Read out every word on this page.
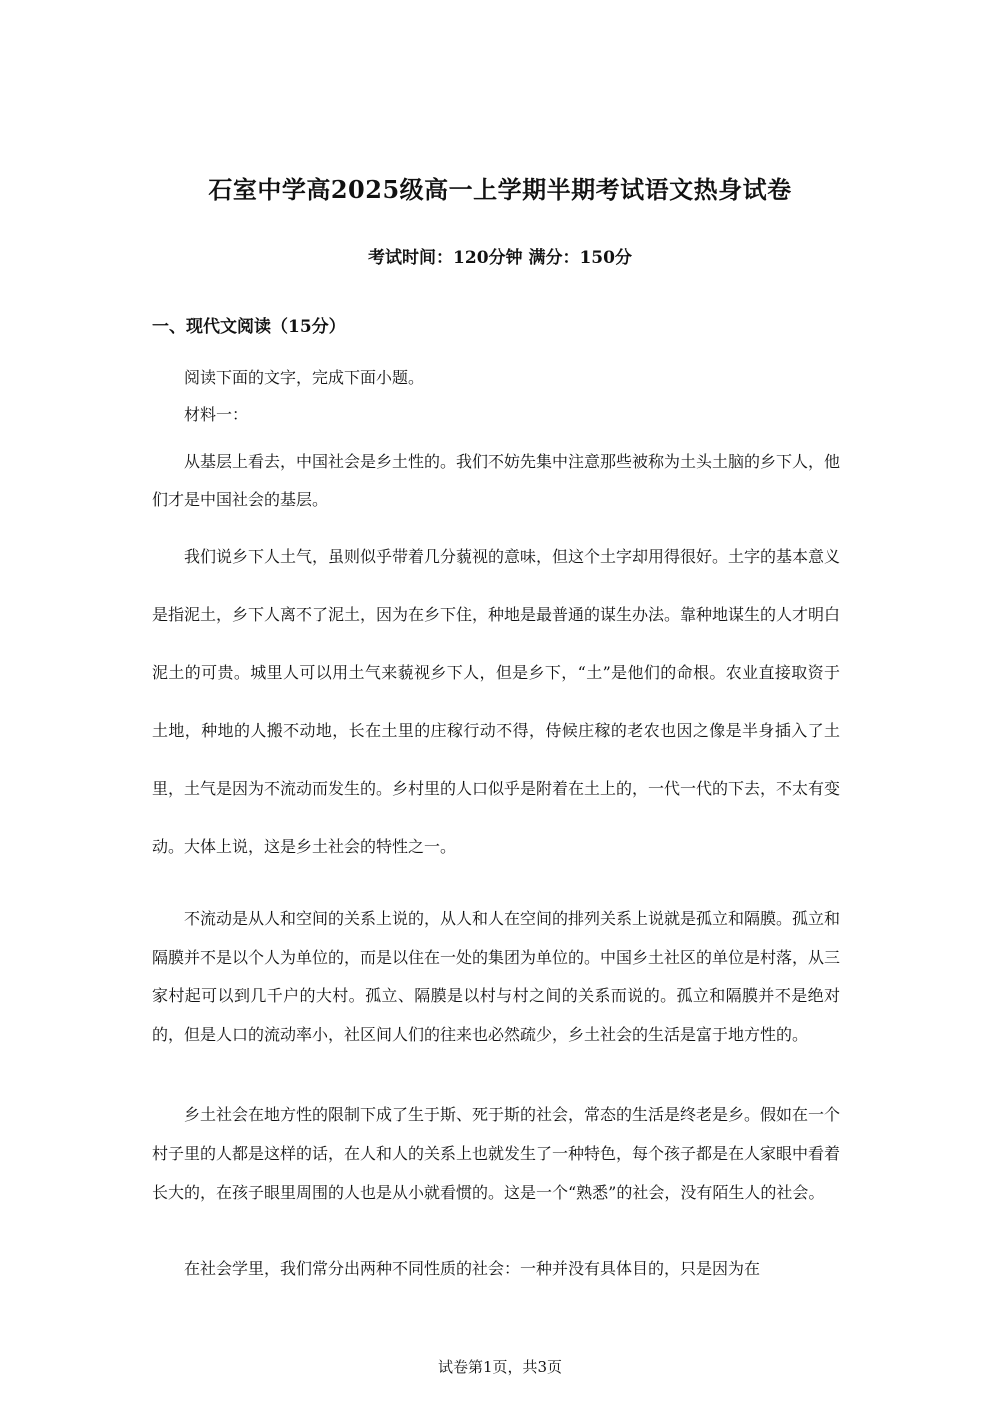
石室中学高2025级高一上学期半期考试语文热身试卷
考试时间：120分钟 满分：150分
一、现代文阅读（15分）

阅读下面的文字，完成下面小题。

材料一：

从基层上看去，中国社会是乡土性的。我们不妨先集中注意那些被称为土头土脑的乡下人，他们才是中国社会的基层。

我们说乡下人土气，虽则似乎带着几分藐视的意味，但这个土字却用得很好。土字的基本意义是指泥土，乡下人离不了泥土，因为在乡下住，种地是最普通的谋生办法。靠种地谋生的人才明白泥土的可贵。城里人可以用土气来藐视乡下人，但是乡下，“土”是他们的命根。农业直接取资于土地，种地的人搬不动地，长在土里的庄稼行动不得，侍候庄稼的老农也因之像是半身插入了土里，土气是因为不流动而发生的。乡村里的人口似乎是附着在土上的，一代一代的下去，不太有变动。大体上说，这是乡土社会的特性之一。

不流动是从人和空间的关系上说的，从人和人在空间的排列关系上说就是孤立和隔膜。孤立和隔膜并不是以个人为单位的，而是以住在一处的集团为单位的。中国乡土社区的单位是村落，从三家村起可以到几千户的大村。孤立、隔膜是以村与村之间的关系而说的。孤立和隔膜并不是绝对的，但是人口的流动率小，社区间人们的往来也必然疏少，乡土社会的生活是富于地方性的。

乡土社会在地方性的限制下成了生于斯、死于斯的社会，常态的生活是终老是乡。假如在一个村子里的人都是这样的话，在人和人的关系上也就发生了一种特色，每个孩子都是在人家眼中看着长大的，在孩子眼里周围的人也是从小就看惯的。这是一个“熟悉”的社会，没有陌生人的社会。

在社会学里，我们常分出两种不同性质的社会：一种并没有具体目的，只是因为在

试卷第1页，共3页
